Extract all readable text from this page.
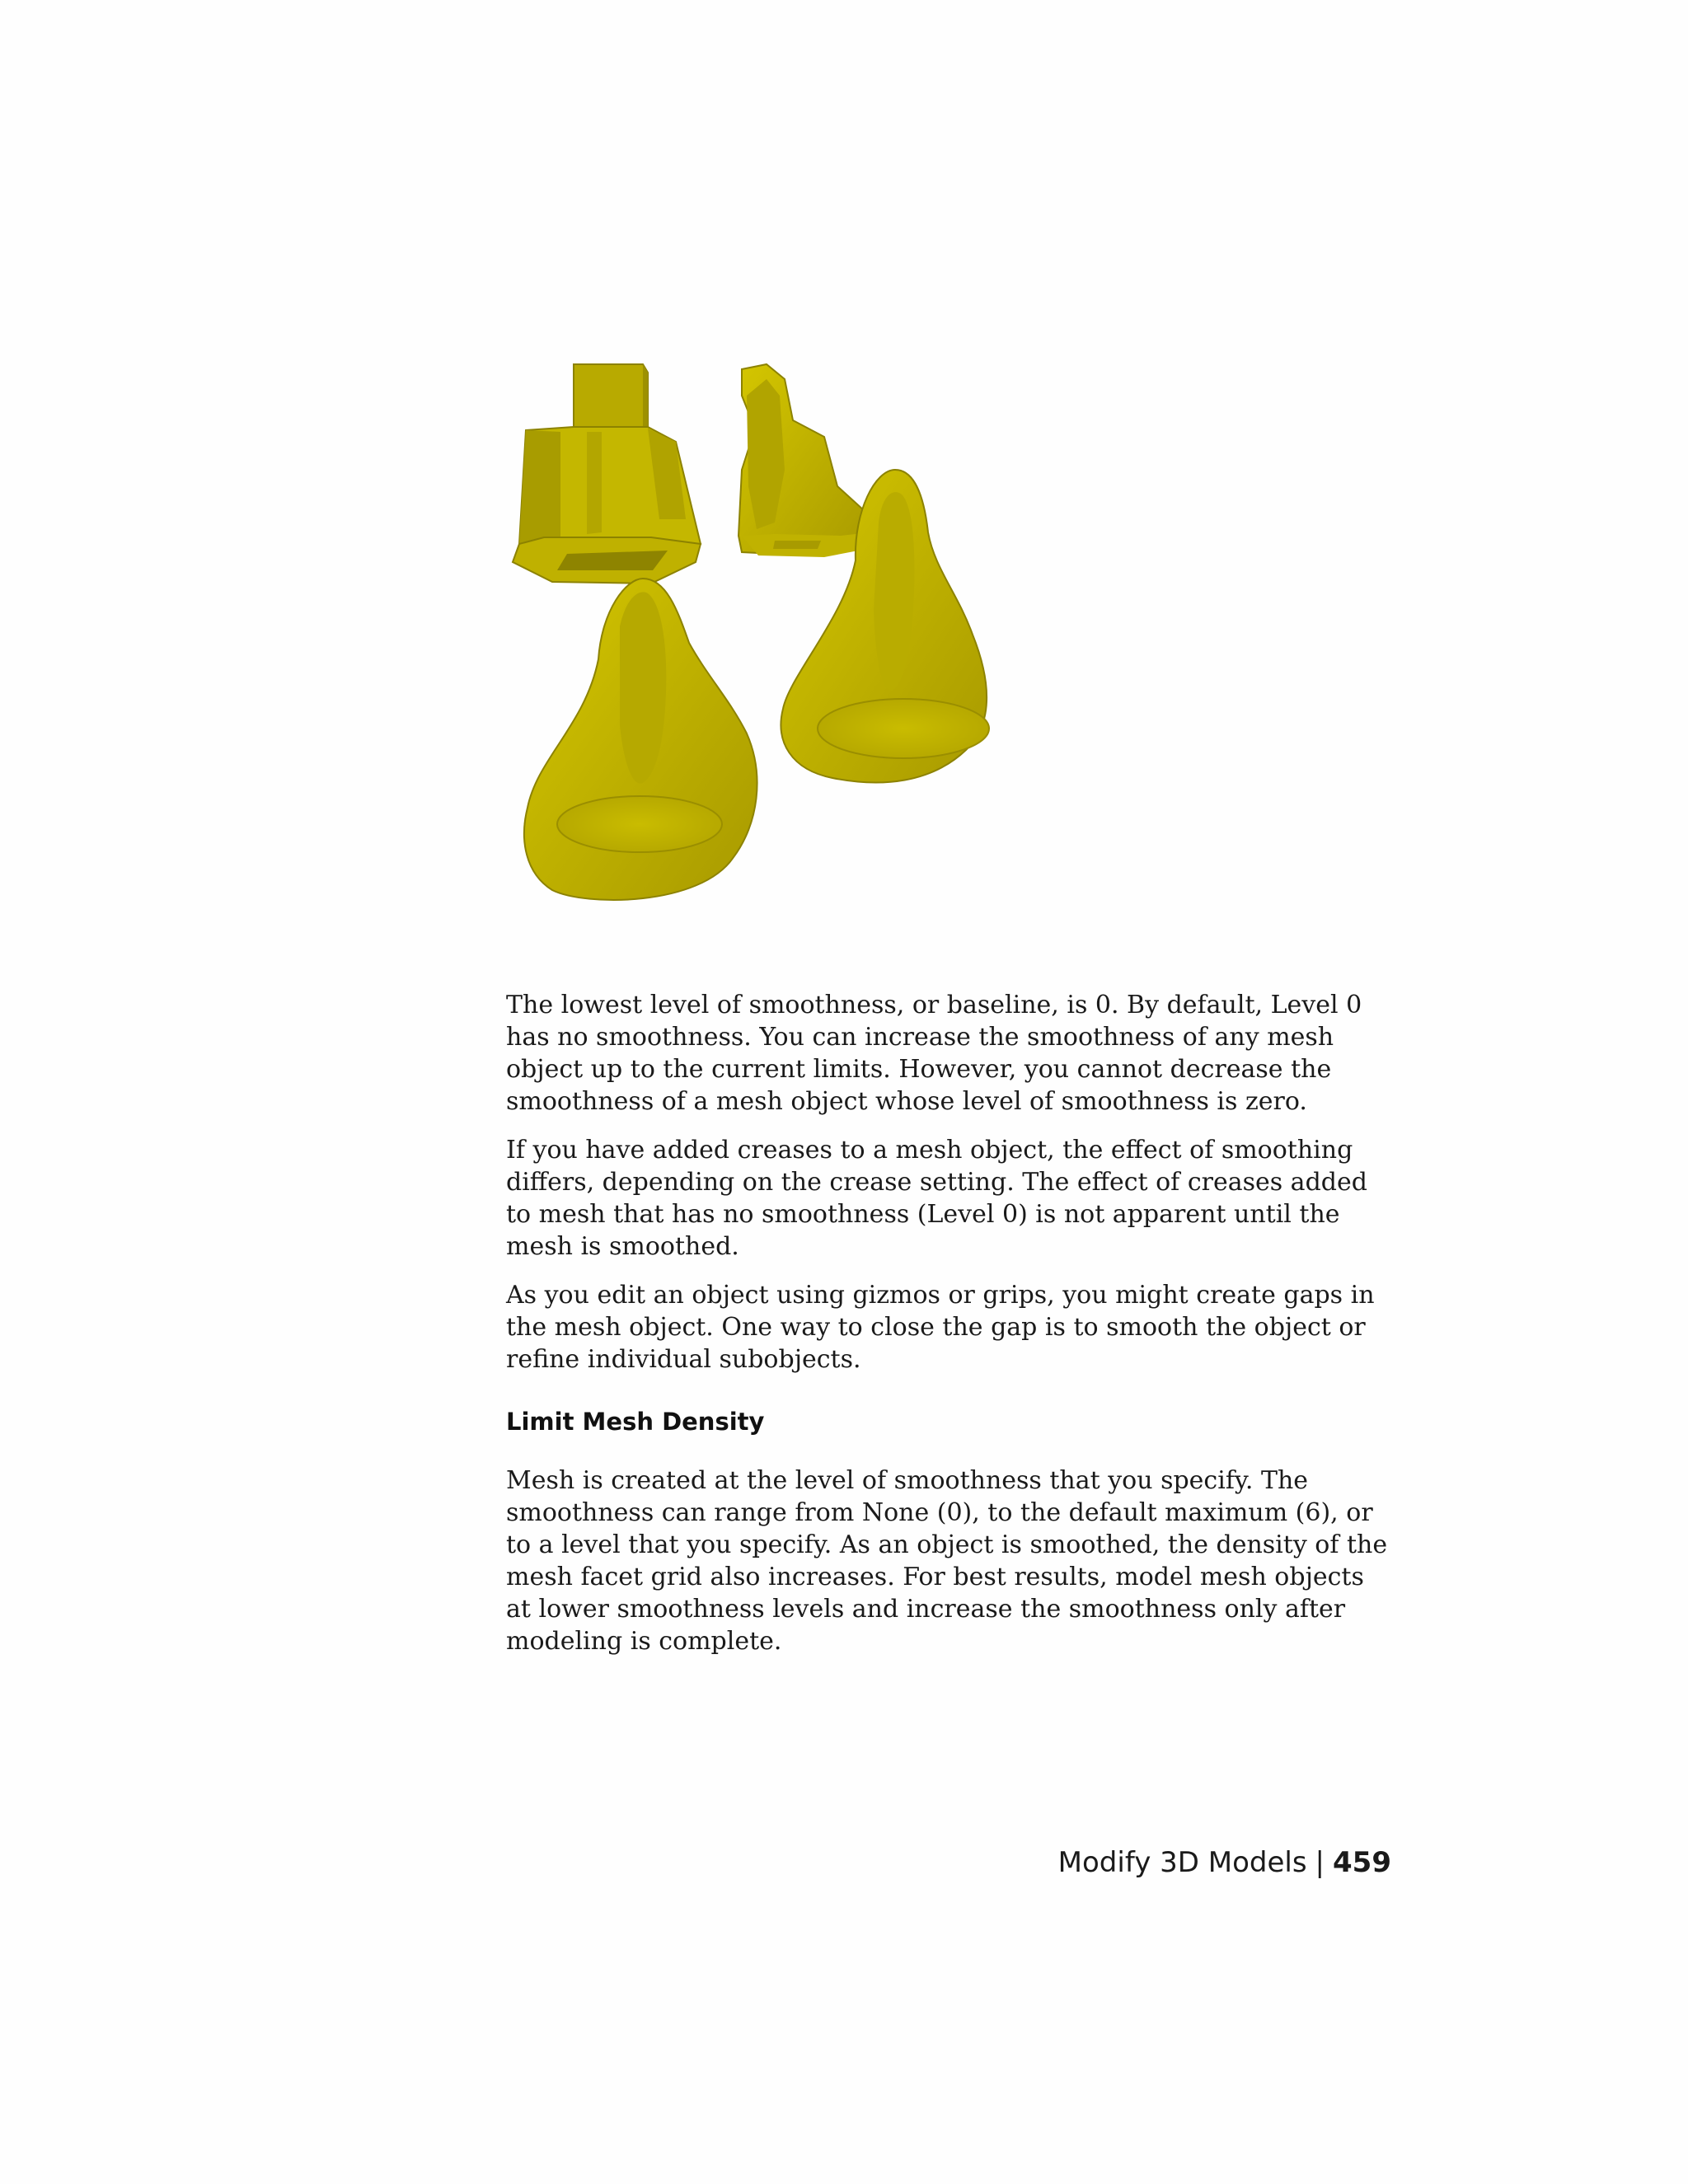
The lowest level of smoothness, or baseline, is 0. By default, Level 0 has no smoothness. You can increase the smoothness of any mesh object up to the current limits. However, you cannot decrease the smoothness of a mesh object whose level of smoothness is zero.

If you have added creases to a mesh object, the effect of smoothing differs, depending on the crease setting. The effect of creases added to mesh that has no smoothness (Level 0) is not apparent until the mesh is smoothed.

As you edit an object using gizmos or grips, you might create gaps in the mesh object. One way to close the gap is to smooth the object or refine individual subobjects.

Limit Mesh Density

Mesh is created at the level of smoothness that you specify. The smoothness can range from None (0), to the default maximum (6), or to a level that you specify. As an object is smoothed, the density of the mesh facet grid also increases. For best results, model mesh objects at lower smoothness levels and increase the smoothness only after modeling is complete.

Modify 3D Models | 459
